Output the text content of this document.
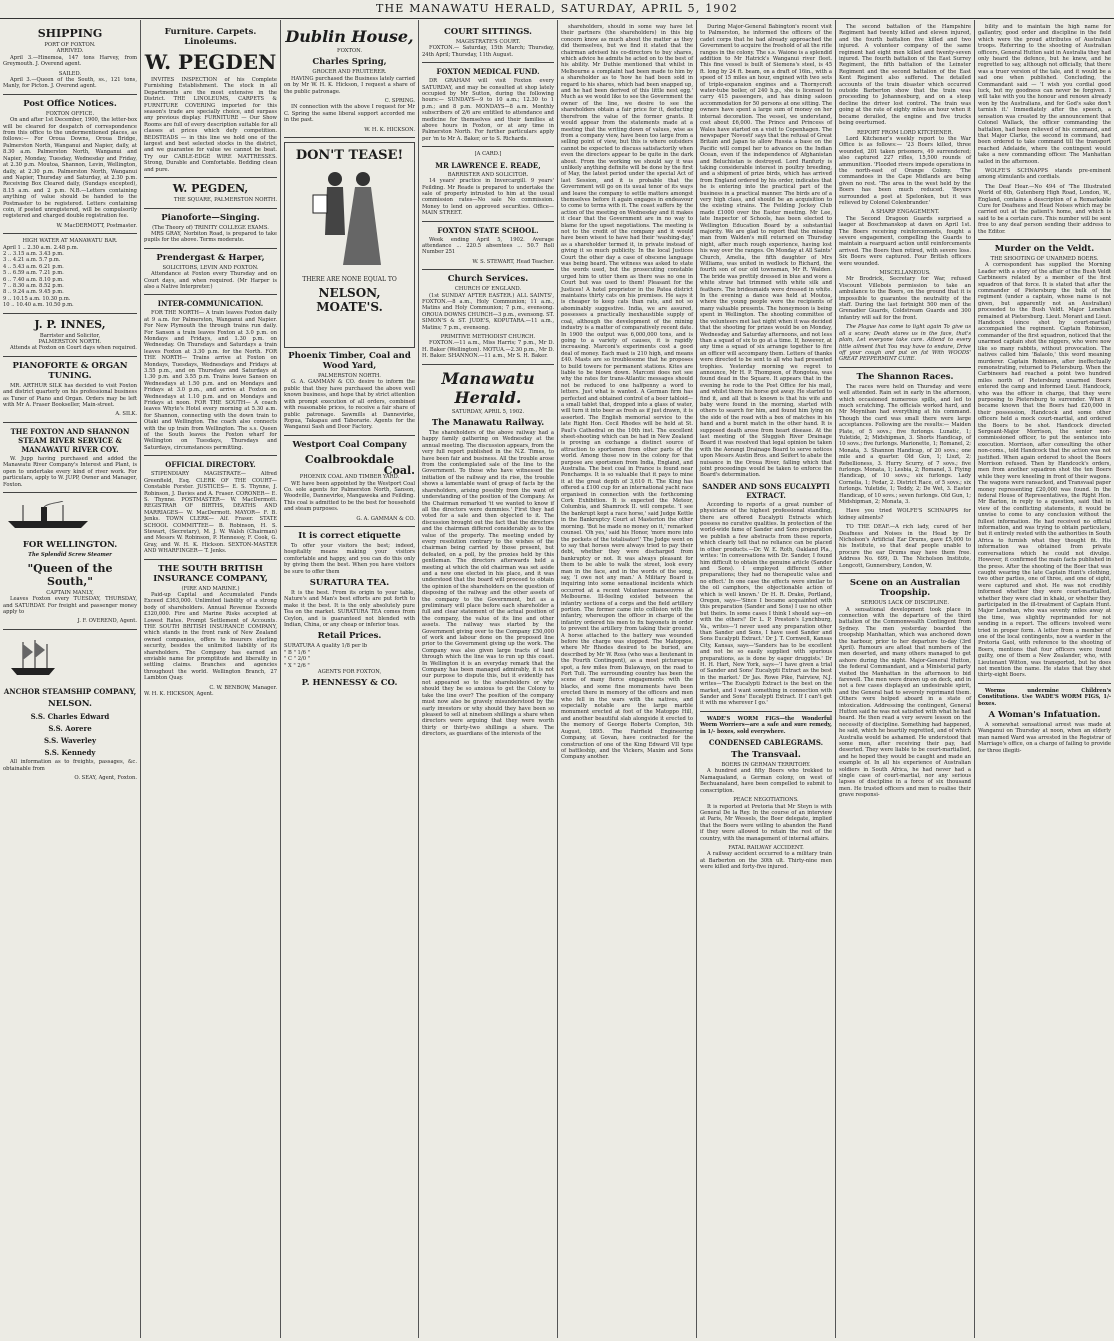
THE MANAWATU HERALD, SATURDAY, APRIL 5, 1902
SHIPPING
PORT OF FOXTON.
ARRIVED.
April 3.—Hinemoa, 147 tons Harvey, from Greymouth. J. Overend agent.
SAILED.
April 3.—Queen of the South, ss., 121 tons, Manly, for Picton. J. Overend agent.
Post Office Notices.
FOXTON OFFICE.
On and after 1st December, 1900, the letter-box will be cleared for despatch of correspondence from this office to the undermentioned places, as follows:— For Oroua Downs, Oroua Bridge, Palmerston North, Wanganui and Napier, daily, at 8.30 a.m. Palmerston North, Wanganui and Napier, Monday, Tuesday, Wednesday and Friday, at 2.30 p.m. Moutoa, Shannon, Levin, Wellington, daily, at 2.30 p.m. Palmerston North, Wanganui and Napier, Thursday and Saturday, at 2.30 p.m. Receiving Box Cleared daily, (Sundays excepted), 8.15 a.m. and 2 p.m. N.B.—Letters containing anything of value should be handed to the Postmaster to be registered. Letters containing coin, if posted unregistered, will be compulsorily registered and charged double registration fee.
W. MacDERMOTT, Postmaster.
HIGH WATER AT MANAWATU BAR.
April 1 .. 2.30 a.m. 2.48 p.m.
2 .. 3.15 a.m. 3.43 p.m.
3 .. 4.21 a.m. 5.7 p.m.
4 .. 5.43 a.m. 6.21 p.m.
5 .. 6.59 a.m. 7.21 p.m.
6 .. 7.40 a.m. 8.10 p.m.
7 .. 8.30 a.m. 8.52 p.m.
8 .. 9.24 a.m. 9.45 p.m.
9 .. 10.15 a.m. 10.30 p.m.
10 .. 10.40 a.m. 10.50 p.m.
J. P. INNES,
Barrister and Solicitor,
PALMERSTON NORTH.
Attends at Foxton on Court days when required.
PIANOFORTE & ORGAN TUNING.
MR. ARTHUR SILK has decided to visit Foxton and district quarterly on his professional business as Tuner of Piano and Organ. Orders may be left with Mr A. Fraser Bookseller, Main-street.
A. SILK.
THE FOXTON AND SHANNON STEAM RIVER SERVICE & MANAWATU RIVER COY.
W. Jupp having purchased and added the Manawatu River Company's Interest and Plant, is open to undertake every kind of river work. For particulars, apply to W. JUPP, Owner and Manager, Foxton.
FOR WELLINGTON.
The Splendid Screw Steamer
"Queen of the South,"
CAPTAIN MANLY,
Leaves Foxton every TUESDAY, THURSDAY, and SATURDAY. For freight and passenger money apply to
J. F. OVEREND, Agent.
ANCHOR STEAMSHIP COMPANY,
NELSON.
S.S. Charles Edward
S.S. Aorere
S.S. Waverley
S.S. Kennedy
All information as to freights, passages, &c. obtainable from
O. SEAY, Agent, Foxton.
Furniture. Carpets. Linoleums.
W. PEGDEN
INVITES INSPECTION of his Complete Furnishing Establishment. The stock in all Departments are the most extensive in the District. THE LINOLEUMS, CARPETS & FURNITURE COVERING imported for this season's trade are specially choice, and surpass any previous display. FURNITURE — Our Show Rooms are full of every description suitable for all classes at prices which defy competition. BEDSTEADS — in this line we hold one of the largest and best selected stocks in the district, and we guarantee for value we cannot be beat. Try our CABLE-EDGE WIRE MATTRESSES. Strong, Durable and Comfortable. Bedding clean and pure.
W. PEGDEN,
THE SQUARE, PALMERSTON NORTH.
Pianoforte—Singing.
(The Theory of) TRINITY COLLEGE EXAMS.
MRS GRAY, Norbiton Road, is prepared to take pupils for the above. Terms moderate.
Prendergast & Harper,
SOLICITORS, LEVIN AND FOXTON.
Attendance at Foxton every Thursday and on Court days, and when required. (Mr Harper is also a Native Interpreter.)
INTER-COMMUNICATION.
FOR THE NORTH— A train leaves Foxton daily at 9 a.m. for Palmerston, Wanganui and Napier. For New Plymouth the through trains run daily. For Sanson a train leaves Foxton at 3.0 p.m. on Mondays and Fridays, and 1.30 p.m. on Wednesday. On Thursdays and Saturdays a train leaves Foxton at 3.30 p.m. for the North. FOR THE NORTH— Trains arrive at Foxton on Mondays, Tuesdays, Wednesdays and Fridays at 3.55 p.m., and on Thursdays and Saturdays at 1.30 p.m. and 3.55 p.m. Trains leave Sanson on Wednesdays at 1.50 p.m. and on Mondays and Fridays at 3.0 p.m., and arrive at Foxton on Wednesdays at 1.10 p.m. and on Mondays and Fridays at noon. FOR THE SOUTH— A coach leaves Whyte's Hotel every morning at 5.30 a.m. for Shannon, connecting with the down train to Otaki and Wellington. The coach also connects with the up train from Wellington. The s.s. Queen of the South leaves the Foxton wharf for Wellington on Tuesdays, Thursdays and Saturdays, circumstances permitting.
OFFICIAL DIRECTORY.
STIPENDIARY MAGISTRATE— Alfred Greenfield, Esq. CLERK OF THE COURT— Constable Forster. JUSTICES— E. S. Thynne, J. Robinson, J. Davies and A. Fraser. CORONER— E. S. Thynne. POSTMASTER— W. MacDermott. REGISTRAR OF BIRTHS, DEATHS AND MARRIAGES— W. MacDermott. MAYOR— F. B. Jenks. TOWN CLERK— Alf. Fraser. STATE SCHOOL COMMITTEE— B. Robinson, H. S. Stewart, (Secretary), M. J. W. Walsh (Chairman) and Messrs W. Robinson, P. Hennessy, F. Cook, G. Gray, and W. H. K. Hickson. SEXTON-MASTER AND WHARFINGER— T. Jenks.
THE SOUTH BRITISH INSURANCE COMPANY,
(FIRE AND MARINE.)
Paid-up Capital and Accumulated Funds Exceed £363,000. Unlimited liability of a strong body of shareholders. Annual Revenue Exceeds £320,000. Fire and Marine Risks accepted at Lowest Rates. Prompt Settlement of Accounts. THE SOUTH BRITISH INSURANCE COMPANY, which stands in the front rank of New Zealand owned companies, offers to insurers sterling security, besides the unlimited liability of its shareholders. The Company has earned an enviable name for promptitude and liberality in settling claims. Branches and agencies throughout the world. Wellington Branch, 27 Lambton Quay.
C. W. BENBOW, Manager.
W. H. K. HICKSON, Agent.
Dublin House,
FOXTON.
Charles Spring,
GROCER AND FRUITERER.
HAVING purchased the Business lately carried on by Mr W. H. K. Hickson, I request a share of the public patronage.
C. SPRING.
IN connection with the above I request for Mr C. Spring the same liberal support accorded me in the past.
W. H. K. HICKSON.
DON'T TEASE!
THERE ARE NONE EQUAL TO
NELSON, MOATE'S.
Phoenix Timber, Coal and Wood Yard,
PALMERSTON NORTH.
G. A. GAMMAN & CO. desire to inform the public that they have purchased the above well known business, and hope that by strict attention with prompt execution of all orders, combined with reasonable prices, to receive a fair share of public patronage. Sawmills at Dannevirke, Ropua, Takapau and Taborarie. Agents for the Wanganui Sash and Door Factory.
Westport Coal Company
Coalbrookdale
Coal.
PHOENIX COAL AND TIMBER YARD.
WE have been appointed by the Westport Coal Co. sole agents for Palmerston North, Sanson, Woodville, Dannevirke, Mangaweka and Feilding. This coal is admitted to be the best for household and steam purposes.
G. A. GAMMAN & CO.
It is correct etiquette
To offer your visitors the best; indeed, hospitality means making your visitors comfortable and happy, and you can do this only by giving them the best. When you have visitors be sure to offer them
SURATURA TEA.
It is the best. From its origin to your table, Nature's and Man's best efforts are put forth to make it the best. It is the only absolutely pure Tea on the market. SURATURA TEA comes from Ceylon, and is guaranteed not blended with Indian, China, or any cheap or inferior teas.
Retail Prices.
SURATURA A quality 1/8 per lb
" B " 1/6 "
" C " 2/0 "
" X " 2/6 "
AGENTS FOR FOXTON,
P. HENNESSY & CO.
COURT SITTINGS.
MAGISTRATE'S COURT.
FOXTON.— Saturday, 15th March; Thursday, 24th April; Thursday, 11th August.
FOXTON MEDICAL FUND.
DR GRAHAM will visit Foxton every SATURDAY, and may be consulted at shop lately occupied by Mr Sutton, during the following hours:— SUNDAYS—9 to 10 a.m.; 12.30 to 1 p.m.; and 8 p.m. MONDAYS—8 a.m. Monthly subscribers of 2/6 are entitled to attendance and medicine for themselves and their families at above hours in Foxton, or at any time in Palmerston North. For further particulars apply per 'm to Mr A. Baker, or to S. Richards.
[A CARD.]
MR LAWRENCE E. READE,
BARRISTER AND SOLICITOR.
14 years' practice in Invercargill. 9 years' Feilding. Mr Reade is prepared to undertake the sale of property intrusted to him at the usual commission rates—No sale No commission. Money to lend on approved securities. Office—MAIN STREET.
FOXTON STATE SCHOOL.
Week ending April 5, 1902. Average attendance ... 220.5 absentees ... 50.7 Roll Number 251
W. S. STEWART, Head Teacher.
Church Services.
CHURCH OF ENGLAND.
(1st SUNDAY AFTER EASTER.) ALL SAINTS', FOXTON.—8 a.m., Holy Communion; 11 a.m., Matins and Holy Communion; 7 p.m., evensong. OROUA DOWNS CHURCH—3 p.m., evensong. ST. SIMON'S & ST. JUDE'S, KOPUTARA.—11 a.m., Matins; 7 p.m., evensong.
PRIMITIVE METHODIST CHURCH.
FOXTON.—11 a.m., Miss Harris; 7 p.m., Mr D. H. Baker (Wellington). MOTUA.—2.30 p.m., Mr D. H. Baker. SHANNON.—11 a.m., Mr S. H. Baker.
Manawatu Herald.
SATURDAY, APRIL 5, 1902.
The Manawatu Railway.
The shareholders of the above railway had a happy family gathering on Wednesday at the annual meeting. The discussion appears, from the very full report published in the N.Z. Times, to have been fair and business. All the trouble arose from the contemplated sale of the line to the Government. To those who have witnessed the initiation of the railway and its rise, the trouble shows a lamentable want of grasp of facts by the shareholders, arising possibly from the want of understanding of the position of the Company. As the Chairman remarked 'it we wanted to know if all the directors were dummies.' First they had voted for a sale and then objected to it. The discussion brought out the fact that the directors and the chairman differed considerably as to the value of the property. The meeting ended by every resolution contrary to the wishes of the chairman being carried by those present, but defeated, on a poll, by the proxies held by this gentleman. The directors afterwards held a meeting at which the old chairman was set aside and a new one elected in his place, and it was understood that the board will proceed to obtain the opinion of the shareholders on the question of disposing of the railway and the other assets of the company to the Government, but as a preliminary will place before each shareholder a full and clear statement of the actual position of the company, the value of its line and other assets. The railway was started by the Government giving over to the Company £50,000 of work and labour done on the proposed line prior to the Government giving up the work. The Company was also given large tracts of land through which the line was to run up this coast. In Wellington it is an everyday remark that the Company has been managed admirably, it is not our purpose to dispute this, but it evidently has not appeared so to the shareholders or why should they be so anxious to get the Colony to take the line over? The position of the company must now also be gravely misunderstood by the early investors or why should they have been so pleased to sell at nineteen shillings a share when directors were arguing that they were worth thirty or thirty-two shillings a share. The directors, as guardians of the interests of the
shareholders, should in some way have let their partners (the shareholders) in this big concern know as much about the matter as they did themselves, but we find it stated that the chairman advised his co-directors to buy shares, which advice he admits he acted on to the best of his ability. Mr Duthie mentioned that whilst in Melbourne a complaint had been made to him by a shareholder as to 'how he had been sold in regard to his shares, which had been snapped up, and he had been derived of this little nest egg.' Much as we would like to see the Government the owner of the line, we desire to see the shareholders obtain a fair price for it, deducting therefrom the value of the former grants. It would appear from the statements made at a meeting that the writing down of values, wise as from a company view, have been too large from a selling point of view, but this is where outsiders cannot be expected to discuss satisfactorily when even the directors appear to be quite in the dark about. From the working we should say it was unlikely anything definite will be done by the first of May, the latest period under the special Act of last Session, and it is probable that the Government will go on its usual tenor of its ways and leave the company to settle matters amongst themselves before it again engages in endeavour to come to terms with it. The coast suffers by the action of the meeting on Wednesday and it makes it clear that the Government are in no way to blame for the upset negotiations. The meeting is not to the credit of the company and it would have been wisest to have had their 'washing-day,' as a shareholder termed it, in private instead of giving it so much publicity. In the local Justices Court the other day a case of obscene language was being heard. The witness was asked to state the words used, but the prosecuting constable urged him to utter them as there was no one in Court but was used to them! Pleasant for the Justices! A hotel proprietor in the Patea district maintains thirty cats on his premises. He says it is cheaper to keep cats than rats, and not so abominably suggestive. India, we are assured, possesses a practically inexhaustible supply of coal, although the development of the mining industry is a matter of comparatively recent date. In 1900 the output was 6,000,000 tons, and is going to a variety of causes, it is rapidly increasing. Marconi's experiments cost a good deal of money. Each mast is 210 high, and means £40. Masts are so troublesome that he proposes to build towers for permanent stations. Kites are liable to be blown down. Marconi does not see why the rates for trans-Atlantic messages should not be reduced to one halfpenny a word to letters. Just what is wanted. A German firm has perfected and obtained control of a beer tabloid—a small tablet that, dropped into a glass of water, will turn it into beer as fresh as if just drawn, it is asserted. The English memorial service to the late Right Hon. Cecil Rhodes will be held at St. Paul's Cathedral on the 10th inst. The excellent sheet-shooting which can be had in New Zealand is proving an exchange a distinct source of attraction to sportsmen from other parts of the world. Among those now in the colony for that purpose are sportsmen from India, England, and Australia. The best coal in France is found near Ponchamps. It is so valuable that it pays to mine it at the great depth of 3,610 ft. The King has offered a £100 cup for an international yacht race organised in connection with the forthcoming Cork Exhibition. It is expected the Meteor, Columbia, and Shamrock II. will compete. 'I see the bankrupt kept a race horse,' said Judge Kettle in the Bankruptcy Court at Masterton the other morning. 'But he made no money on it,' remarked counsel. 'Oh yes,' said his Honor, 'more more into the pockets of the totalisator!' The Judge went on to say that horses were always tried to pay their debt, whether they were discharged from bankruptcy or not. It was always pleasant for them to be able to walk the street, look every man in the face, and in the words of the song, say, 'I owe not any man.' A Military Board is inquiring into some sensational incidents which occurred at a recent Volunteer manoeuvres at Melbourne. Ill-feeling existed between the infantry sections of a corps and the field artillery portion. The former came into collision with the infantry, whereupon the officer in charge of the infantry ordered his men to fix bayonets in order to prevent the artillery from taking their ground. A horse attached to the battery was wounded before the charge was stopped. The Matoppos, where Mr Rhodes desired to be buried, are described by Mr W. Ross (who was a lieutenant in the Fourth Contingent), as a most picturesque spot, a few miles from Bulawayo, on the road to Fort Tuli. The surrounding country has been the scene of many fierce engagements with the blacks, and some fine monuments have been erected there in memory of the officers and men who fell in the wars with the natives, and especially notable are the large marble monument erected at foot of the Matoppo Hill, and another beautiful slab alongside it erected to the memory of George Roberts Compton, 5th August, 1895. The Fairfield Engineering Company, at Govan, have contracted for the construction of one of the King Edward VII type of battleship, and the Vickers, Maxim and Sons Company another.
During Major-General Babington's recent visit to Palmerston, he informed the officers of the cadet corps that he had already approached the Government to acquire the freehold of all the rifle ranges in the colony. The s.s. Waione is a splendid addition to Mr Hatrick's Wanganui river fleet. This fine vessel is built of Siemens's steel, is 45 ft. long by 24 ft. beam, on a draft of 16in., with a speed of 15 miles an hour, engined with two sets of triple-expansion engines and a Thornycroft water-tube boiler, of 240 h.p., she is licensed to carry 415 passengers, and has dining saloon accommodation for 50 persons at one sitting. The owners have spent a large sum of money on her internal decoration. The vessel, we understand, cost about £6,000. The Prince and Princess of Wales have started on a visit to Copenhagen. The newspaper 'Novosti' says that the refusal of Great Britain and Japan to allow Russia a base on the Pacific will compel her to advance on the Indian Ocean, even if the independence of Afghanistan and Beluchistan is destroyed. Lord Ranfurly is taking considerable interest in poultry breeding, and a shipment of prize birds, which has arrived from England ordered by his order, indicates that he is entering into the practical part of the business in a practical manner. The birds are of a very high class, and should be an acquisition to the existing strains. The Feilding Jockey Club made £1000 over the Easter meeting. Mr Lee, late Inspector of Schools, has been elected to Wellington Education Board by a substantial majority. We are glad to report that the missing man from Walden's mill returned on Thursday night, after much rough experience, having lost his way over the ranges. On Monday at All Saints' Church, Amelia, the fifth daughter of Mrs Williams, was united in wedlock to Richard, the fourth son of our old townsman, Mr R. Walden. The bride was prettily dressed in blue and wore a white straw hat trimmed with white silk and feathers. The bridesmaids were dressed in white. In the evening a dance was held at Moutoa, where the young people were the recipients of many valuable presents. The honeymoon is being spent in Wellington. The shooting committee of the volunteers met last night when it was decided that the shooting for prizes would be on Monday, Wednesday and Saturday afternoons, and not less than a squad of six to go at a time. If, however, at any time a squad of six arrange together to fire an officer will accompany them. Letters of thanks were directed to be sent to all who had presented trophies. Yesterday morning we regret to announce, Mr H. P. Thompson, of Rongotea, was found dead in the Square. It appears that in the evening he rode to the Post Office for his mail, and whilst there his horse got away. He started to find it, and all that is known is that his wife and baby were found in the morning, started with others to search for him, and found him lying on the side of the road with a box of matches in his hand and a burnt match in the other hand. It is supposed death arose from heart disease. At the last meeting of the Sluggish River Drainage Board it was resolved that legal opinion be taken with the Aorangi Drainage Board to serve notices upon Messrs Austin Bros. and Seifert to abate the nuisance in the Oroua River, falling which that joint proceedings would be taken to enforce the Board's determination.
SANDER AND SONS EUCALYPTI EXTRACT.
According to reports of a great number of physicians of the highest professional standing, there are offered Eucalypti Extracts which possess no curative qualities. In protection of the world-wide fame of Sander and Sons preparation we publish a few abstracts from these reports, which clearly tell that no reliance can be placed in other products.—Dr. W. E. Roth, Oakland Pla., writes: 'In conversations with Dr. Sander, I found him difficult to obtain the genuine article (Sander and Sons). I employed different other preparations; they had no therapeutic value and no effect.' In one case the effects were similar to the oil camphors, the objectionable action of which is well known.' Dr H. R. Drake, Portland, Oregon, says—'Since I became acquainted with this preparation (Sander and Sons) I use no other but theirs. In some cases I think I should say—on with the others!' Dr L. P. Preston's Lynchburg, Va., writes—'I never used any preparation other than Sander and Sons, I have used Sander and Sons Eucalypti Extract.' Dr J. T. Cornwell, Kansas City, Kansas, says—'Sanders has to be excellent and not be so easily supplied with spurious preparations, as is done by eager druggists.' Dr H. H. Hart, New York, says—'I have given a trial of Sander and Sons' Eucalypti Extract as the best in the market.' Dr Jas. Rowe Pike, Fairview, N.J. writes—'The Eucalypti Extract is the best on the market, and I want something in connection with Sander and Sons' Eucalypti Extract. If I can't get it with me wherever I go.'
WADE'S WORM FIGS—the Wonderful Worm Worriers—are a safe and sure remedy, in 1/- boxes, sold everywhere.
CONDENSED CABLEGRAMS.
The Transvaal.
BOERS IN GERMAN TERRITORY.
A hundred and fifty Boers who trekked to Namaqualand, a German colony, on west of Bechuanaland, have been compelled to submit to conscription.
PEACE NEGOTIATIONS.
It is reported at Pretoria that Mr Steyn is with General De la Rey. In the course of an interview at Paris, Mr Wessels, the Boer delegate, implied that the Boers were willing to abandon the Rand if they were allowed to retain the rest of the country, with the management of internal affairs.
FATAL RAILWAY ACCIDENT.
A railway accident occurred to a military train at Barberton on the 30th ult. Thirty-nine men were killed and forty-five injured.
The second battalion of the Hampshire Regiment had twenty killed and eleven injured, and the fourth battalion five killed and two injured. A volunteer company of the same regiment had eight men killed and twenty-seven injured. The fourth battalion of the East Surrey Regiment, the fifth battalion of the Leinster Regiment and the second battalion of the East Kent Regiment also suffered. The detailed accounts of the train disaster which occurred outside Barberton show that the train was proceeding to Johannesburg, and on a steep decline the driver lost control. The train was going at the rate of eighty miles an hour when it became derailed, the engine and five trucks being overturned.
REPORT FROM LORD KITCHENER.
Lord Kitchener's weekly report to the War Office is as follows:— '23 Boers killed, three wounded, 201 taken prisoners, 49 surrendered; also captured 227 rifles, 15,500 rounds of ammunition. 'Flooded rivers impede operations in the north-east of Orange Colony. 'The commandoes in the Cape Midlands are being given no rest. 'The area in the west held by the Boers has been much reduced. 'Beyers surrounded a post at Spelonken, but it was relieved by Colonel Colenbrander.'
A SHARP ENGAGEMENT.
The Second Dragoon Guards surprised a laager at Boschmanskop at dawn on April 1st. The Boers receiving reinforcements, fought a severe engagement, compelling the Guards to maintain a rearguard action until reinforcements arrived. The Boers then retired, with severe loss. Six Boers were captured. Four British officers were wounded.
MISCELLANEOUS.
Mr Brodrick, Secretary for War, refused Viscount Villebois permission to take an ambulance to the Boers, on the ground that it is impossible to guarantee the neutrality of the staff. During the last fortnight 500 men of the Grenadier Guards, Coldstream Guards and 300 infantry will sail for the front.
The Plague has come to light again To give us all a scare; Death stares us in the face, that's plain, Let everyone take care. Attend to every little ailment that You may have to endure, Drive off your cough and put on fat With WOODS' GREAT PEPPERMINT CURE.
The Shannon Races.
The races were held on Thursday and were well attended. Rain set in early in the afternoon, which occasioned numerous spills, and led to much scratching. The officials worked hard, and Mr Moynihan had everything at his command. Though the card was small there were large acceptances. Following are the results:— Maiden Plate, of 5 sovs.; five furlongs. Lunatic, 1; Yuletide, 2; Midshipman, 3. Shorts Handicap, of 10 sovs.; five furlongs. Marionette, 1; Romanel, 2; Monata, 3. Shannon Handicap, of 20 sovs.; one mile and a quarter. Old Gun, 1; Liszt, 2; Rebellioness, 3. Hurry Scurry, of 7 sovs.; five furlongs. Monata, 1; Lesbia, 2; Romanel, 3. Flying Handicap, of 10 sovs.; six furlongs. Lady Cornelia, 1; Fedar, 2. District Race, of 5 sovs.; six furlongs. Yuletide, 1; Teddy, 2; De Wet, 3. Easter Handicap, of 10 sovs.; seven furlongs. Old Gun, 1; Midshipman, 2; Monata, 3.
Have you tried WOLFE'S SCHNAPPS for kidney ailments?
TO THE DEAF.—A rich lady, cured of her Deafness and Noises in the Head by Dr Nicholson's Artificial Ear Drums, gave £5,000 to his Institute, so that deaf people unable to procure the ear Drums may have them free. Address No. 699, D. The Nicholson Institute, Longcott, Gunnersbury, London, W.
Scene on an Australian Troopship.
SERIOUS LACK OF DISCIPLINE.
A sensational development took place in connection with the departure of the third battalion of the Commonwealth Contingent from Sydney. The men yesterday boarded the troopship Manhattan, which was anchored down the harbour, prior to her departure to-day (3rd April). Rumours are afloat that numbers of the men deserted, and many others managed to get ashore during the night. Major-General Hutton, the federal Commandant, and a Ministerial party visited the Manhattan in the afternoon to bid farewell. The men were drawn up on deck, and in not a few cases displayed an undesirable spirit, and the General had to severely reprimand them. Others were helped aboard in a state of intoxication. Addressing the contingent, General Hutton said he was not satisfied with what he had heard. He then read a very severe lesson on the necessity of discipline. Something had happened, he said, which he heartily regretted, and of which Australia would be ashamed. He understood that some men, after receiving their pay, had deserted. They were liable to be court-martialled, and he hoped they would be caught and made an example of. In all his experience of Australian soldiers in South Africa, he had never had a single case of court-martial, nor any serious lapses of discipline in a force of six thousand men. He trusted officers and men to realise their grave responsi-
bility and to maintain the high name for gallantry, good order and discipline in the field which were the proud attributes of Australian troops. Referring to the shooting of Australian officers, General Hutton said in Australia they had only heard the defence, but he knew, and he regretted to say, although not officially, that there was a truer version of the tale, and it would be a sad one when published. Concluding, the Commandant said — 'I wish you cordial good luck, but my goodness can never be forgiven. I will take with you the honour and renown already won by the Australians, and for God's sake don't tarnish it.' Immediately after the speech, a sensation was created by the announcement that Colonel Wallack, the officer commanding the battalion, had been relieved of his command, and that Major Clarke, the second in command, had been ordered to take command till the transport reached Adelaide, where the contingent would take a new commanding officer. The Manhattan sailed in the afternoon.
WOLFE'S SCHNAPPS stands pre-eminent among stimulants and cordials.
The Deaf Hear.—No 494 of 'The Illustrated World of 6th, Gutenberg High Road, London, W., England, contains a description of a Remarkable Cure for Deafness and Head Noises which may be carried out at the patient's home, and which is said to be a certain cure. This number will be sent free to any deaf person sending their address to the Editor.
Murder on the Veldt.
THE SHOOTING OF UNARMED BOERS.
A correspondent has supplied the Morning Leader with a story of the affair of the Bush Veldt Carbineers related by a member of the first squadron of that force. It is stated that after the commander of Pietersburg the bulk of the regiment (under a captain, whose name is not given, but apparently not an Australian) proceeded to the Bush Veldt. Major Lenehan remained at Pietersburg. Lieut. Morant and Lieut. Handcock (since shot by court-martial) accompanied the regiment. Captain Robinson, commander of the first squadron, noticed that the unarmed captain shot the niggers, who were now like so many rabbits, without provocation. The natives called him 'Balaolo,' this word meaning murderer. Captain Robinson, after ineffectually remonstrating, returned to Pietersburg. When the Carbineers had reached a point two hundred miles north of Pietersburg unarmed Boers entered the camp and informed Lieut. Handcock, who was the officer in charge, that they were purposing to Pietersburg to surrender. When it became known that the Boers had £20,000 in their possession, Handcock and some other officers held a mock court-martial, and ordered the Boers to be shot. Handcock directed Sergeant-Major Morrison, the senior non-commissioned officer, to put the sentence into execution. Morrison, after consulting the other non-coms., told Handcock that the action was not justified. When again ordered to shoot the Boers Morrison refused. Then by Handcock's orders, men from another squadron shot the ten Boers while they were kneeling in front of their wagons. The wagons were ransacked, and Transvaal paper money representing £20,000 was found. In the federal House of Representatives, the Right Hon. Mr Barton, in reply to a question, said that in view of the conflicting statements, it would be unwise to come to any conclusion without the fullest information. He had received no official information, and was trying to obtain particulars, but it entirely rested with the authorities in South Africa to furnish what they thought fit. His information was obtained from private conversations which he could not divulge. However, it confirmed the main facts published in the press. After the shooting of the Boer that was caught wearing the late Captain Hunt's clothing, two other parties, one of three, and one of eight, were captured and shot. He was not credibly informed whether they were court-martialled, whether they were clad in khaki, or whether they participated in the ill-treatment of Captain Hunt. Major Lenehan, who was seventy miles away at the time, was slightly reprimanded for not sending in a report. The officers involved were tried in proper form. A letter from a member of one of the local contingents, now a warder in the Pretoria Gaol, with reference to the shooting of Boers, mentions that four officers were found guilty, one of them a New Zealander, who, with Lieutenant Witton, was transported, but he does not mention the name. He states that they shot thirty-eight Boers.
Worms undermine Children's Constitutions. Use WADE'S WORM FIGS, 1/- boxes.
A Woman's Infatuation.
A somewhat sensational arrest was made at Wanganui on Thursday at noon, when an elderly man named Ward was arrested in the Registrar of Marriage's office, on a charge of failing to provide for three illegiti-
